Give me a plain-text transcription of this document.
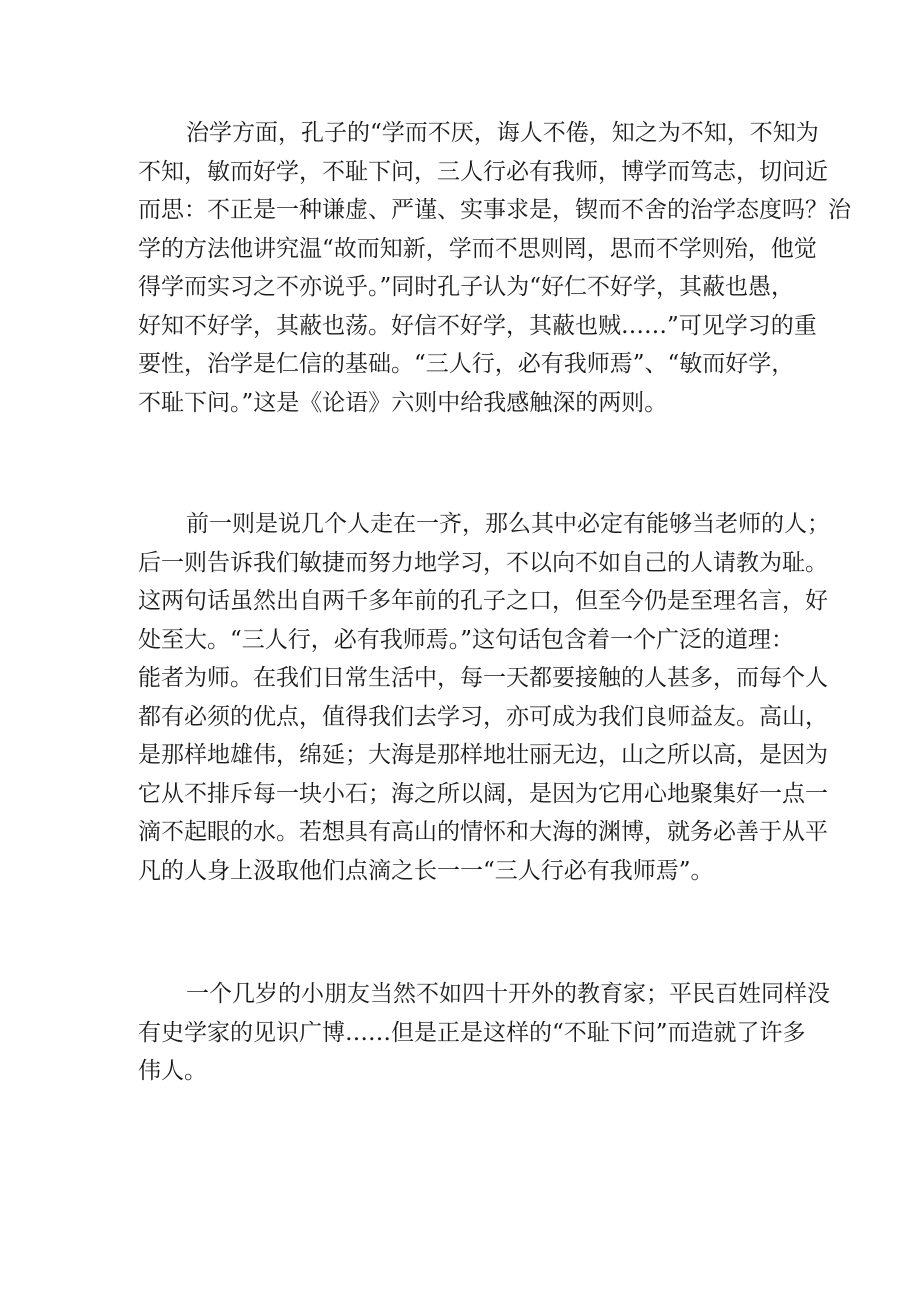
治学方面，孔子的“学而不厌，诲人不倦，知之为不知，不知为
不知，敏而好学，不耻下问，三人行必有我师，博学而笃志，切问近
而思：不正是一种谦虚、严谨、实事求是，锲而不舍的治学态度吗？治
学的方法他讲究温“故而知新，学而不思则罔，思而不学则殆，他觉
得学而实习之不亦说乎。”同时孔子认为“好仁不好学，其蔽也愚，
好知不好学，其蔽也荡。好信不好学，其蔽也贼……”可见学习的重
要性，治学是仁信的基础。“三人行，必有我师焉”、“敏而好学，
不耻下问。”这是《论语》六则中给我感触深的两则。
前一则是说几个人走在一齐，那么其中必定有能够当老师的人；
后一则告诉我们敏捷而努力地学习，不以向不如自己的人请教为耻。
这两句话虽然出自两千多年前的孔子之口，但至今仍是至理名言，好
处至大。“三人行，必有我师焉。”这句话包含着一个广泛的道理：
能者为师。在我们日常生活中，每一天都要接触的人甚多，而每个人
都有必须的优点，值得我们去学习，亦可成为我们良师益友。高山，
是那样地雄伟，绵延；大海是那样地壮丽无边，山之所以高，是因为
它从不排斥每一块小石；海之所以阔，是因为它用心地聚集好一点一
滴不起眼的水。若想具有高山的情怀和大海的渊博，就务必善于从平
凡的人身上汲取他们点滴之长一一“三人行必有我师焉”。
一个几岁的小朋友当然不如四十开外的教育家；平民百姓同样没
有史学家的见识广博……但是正是这样的“不耻下问”而造就了许多
伟人。
